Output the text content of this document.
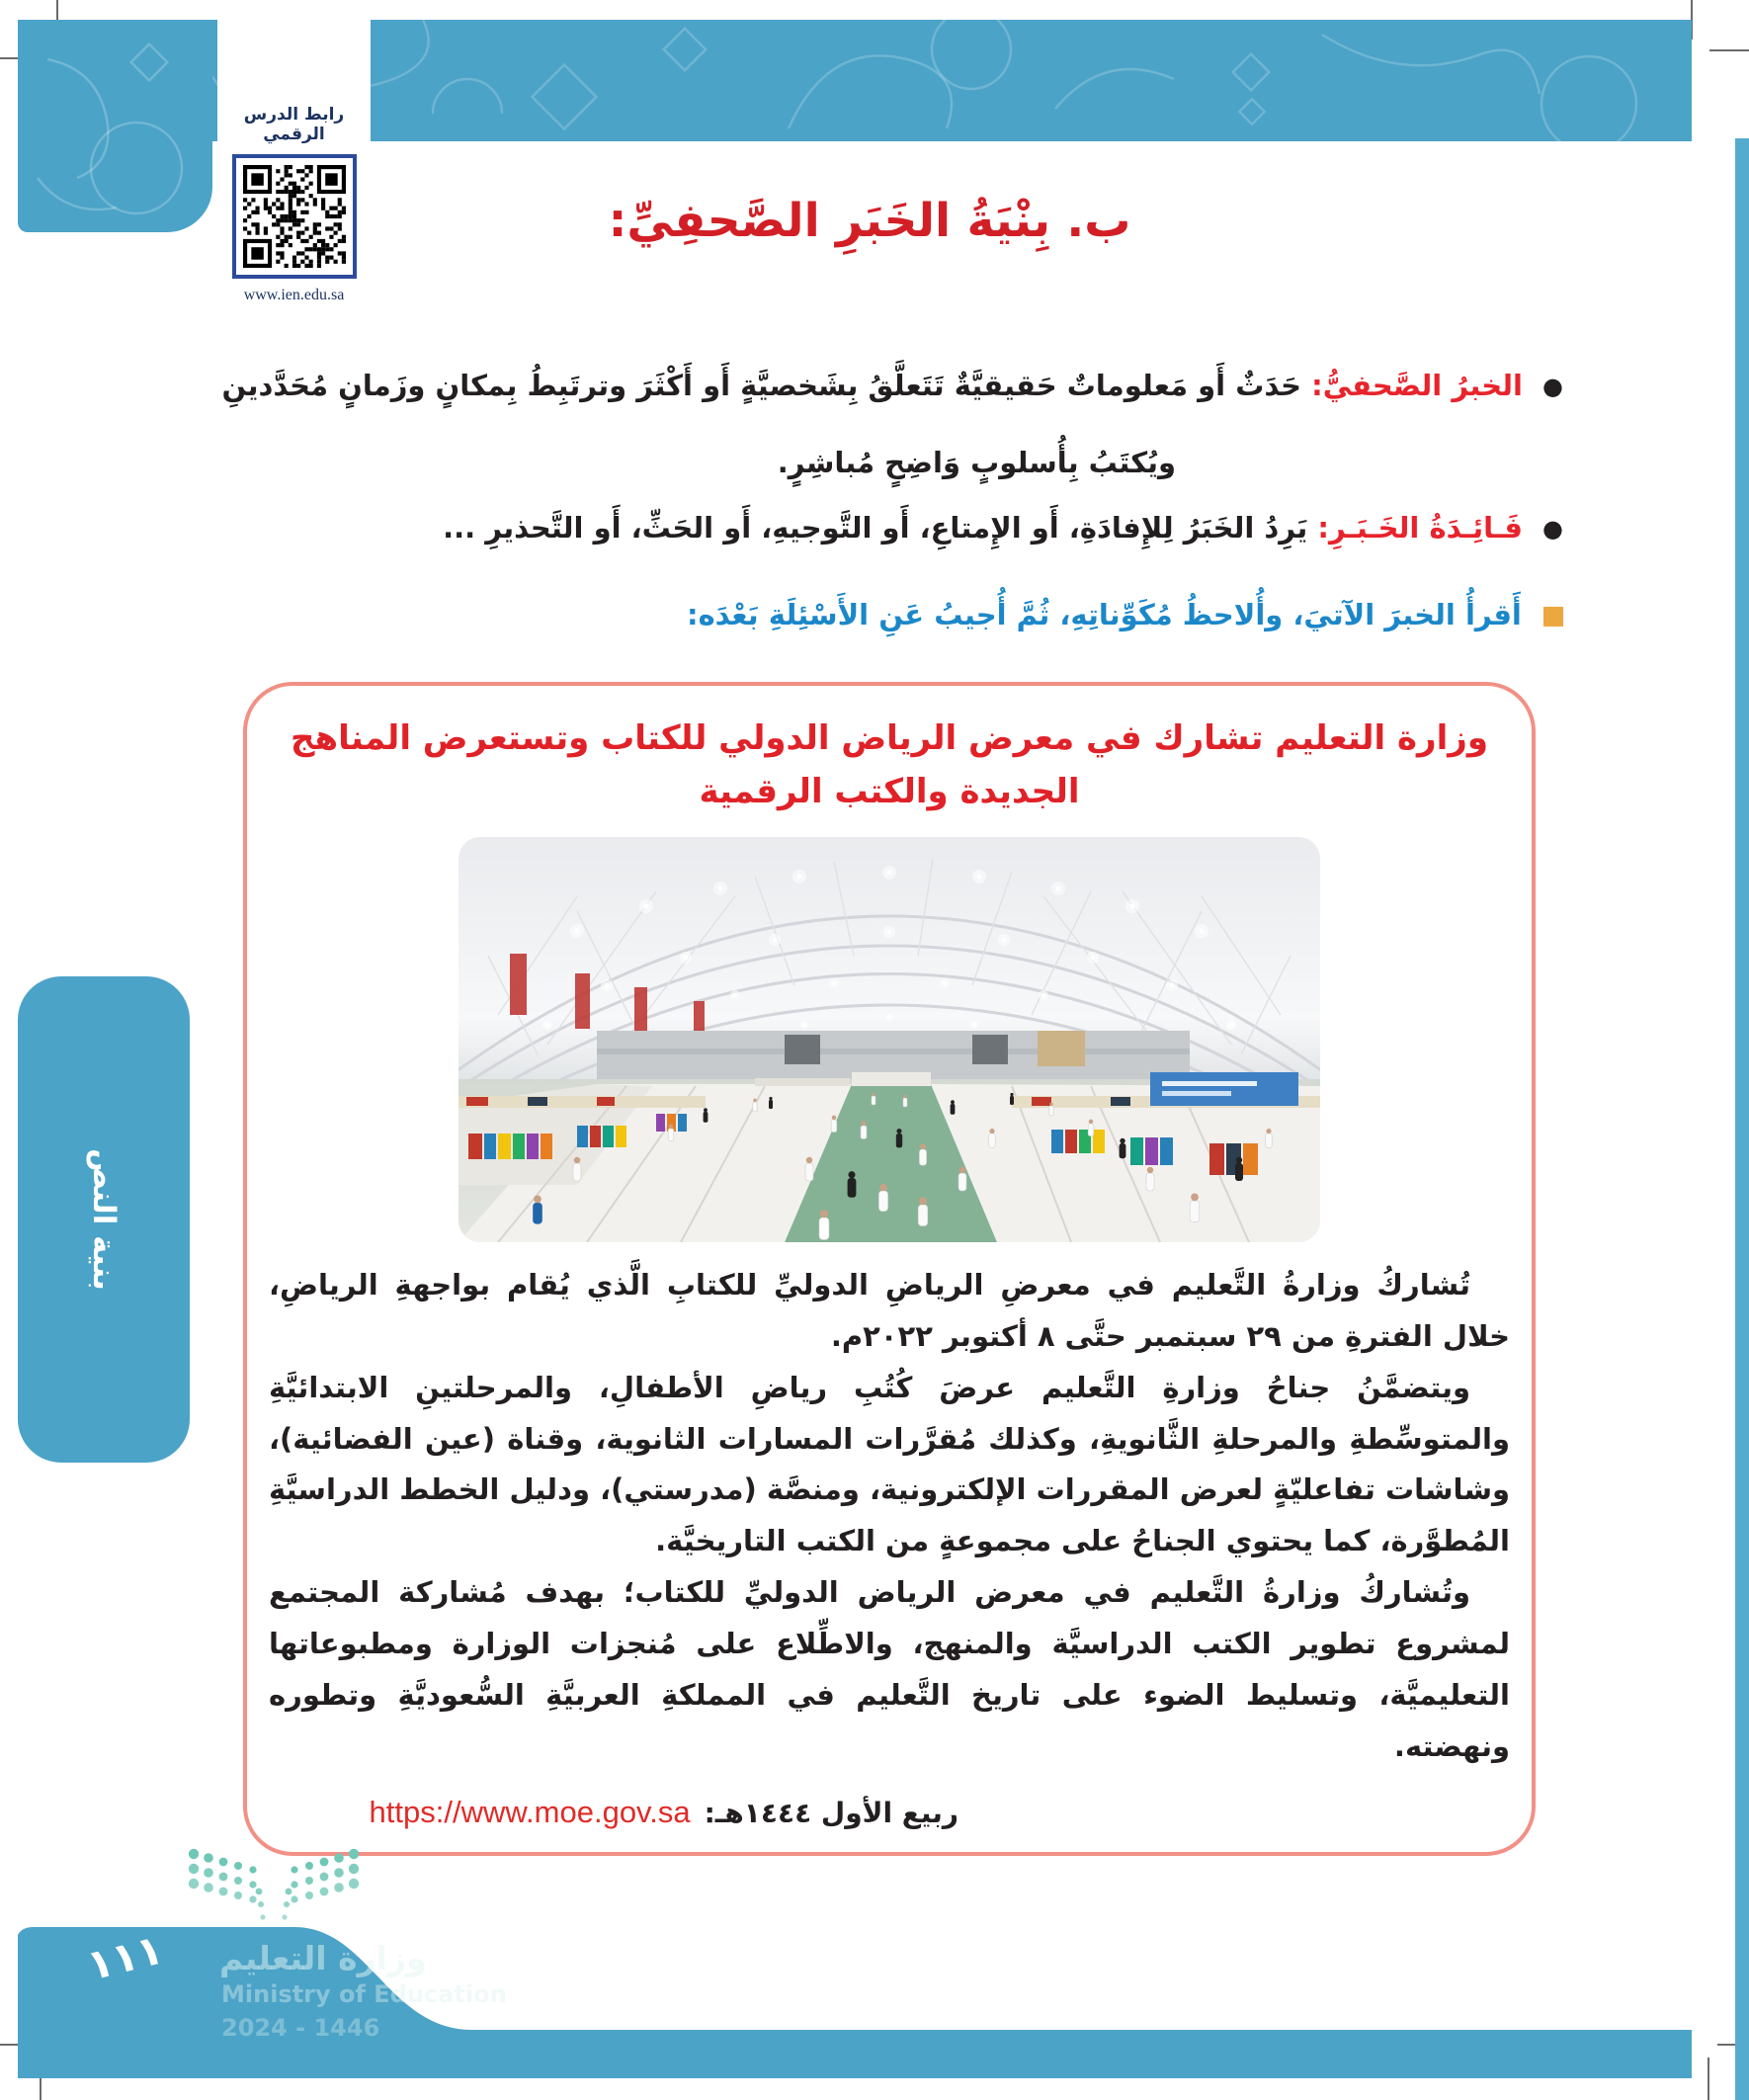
رابط الدرس الرقمي
www.ien.edu.sa
ب. بِنْيَةُ الخَبَرِ الصَّحفِيِّ:
● الخبرُ الصَّحفيُّ: حَدَثٌ أَو مَعلوماتٌ حَقيقيَّةٌ تَتَعلَّقُ بِشَخصيَّةٍ أَو أَكْثَرَ وترتَبِطُ بِمكانٍ وزَمانٍ مُحَدَّدينِ
ويُكتَبُ بِأُسلوبٍ وَاضِحٍ مُباشِرٍ.
● فَـائِـدَةُ الخَـبَـرِ: يَرِدُ الخَبَرُ لِلإِفادَةِ، أَو الإِمتاعِ، أَو التَّوجيهِ، أَو الحَثِّ، أَو التَّحذيرِ ...
أَقرأُ الخبرَ الآتيَ، وأُلاحظُ مُكَوِّناتِهِ، ثُمَّ أُجيبُ عَنِ الأَسْئِلَةِ بَعْدَه:
وزارة التعليم تشارك في معرض الرياض الدولي للكتاب وتستعرض المناهج
الجديدة والكتب الرقمية

تُشاركُ وزارةُ التَّعليم في معرضِ الرياضِ الدوليِّ للكتابِ الَّذي يُقام بواجهةِ الرياضِ، خلال الفترةِ من ٢٩ سبتمبر حتَّى ٨ أكتوبر ٢٠٢٢م.

ويتضمَّنُ جناحُ وزارةِ التَّعليم عرضَ كُتُبِ رياضِ الأطفالِ، والمرحلتينِ الابتدائيَّةِ والمتوسِّطةِ والمرحلةِ الثَّانويةِ، وكذلك مُقرَّرات المسارات الثانوية، وقناة (عين الفضائية)، وشاشات تفاعليّةٍ لعرض المقررات الإلكترونية، ومنصَّة (مدرستي)، ودليل الخطط الدراسيَّةِ المُطوَّرة، كما يحتوي الجناحُ على مجموعةٍ من الكتب التاريخيَّة.

وتُشاركُ وزارةُ التَّعليم في معرض الرياض الدوليِّ للكتاب؛ بهدف مُشاركة المجتمع لمشروع تطوير الكتب الدراسيَّة والمنهج، والاطِّلاع على مُنجزات الوزارة ومطبوعاتها التعليميَّة، وتسليط الضوء على تاريخ التَّعليم في المملكةِ العربيَّةِ السُّعوديَّةِ وتطوره ونهضته.

ربيع الأول ١٤٤٤هـ:
https://www.moe.gov.sa
بنية النص
١١١ وزارة التعليم
Ministry of Education
2024 - 1446
